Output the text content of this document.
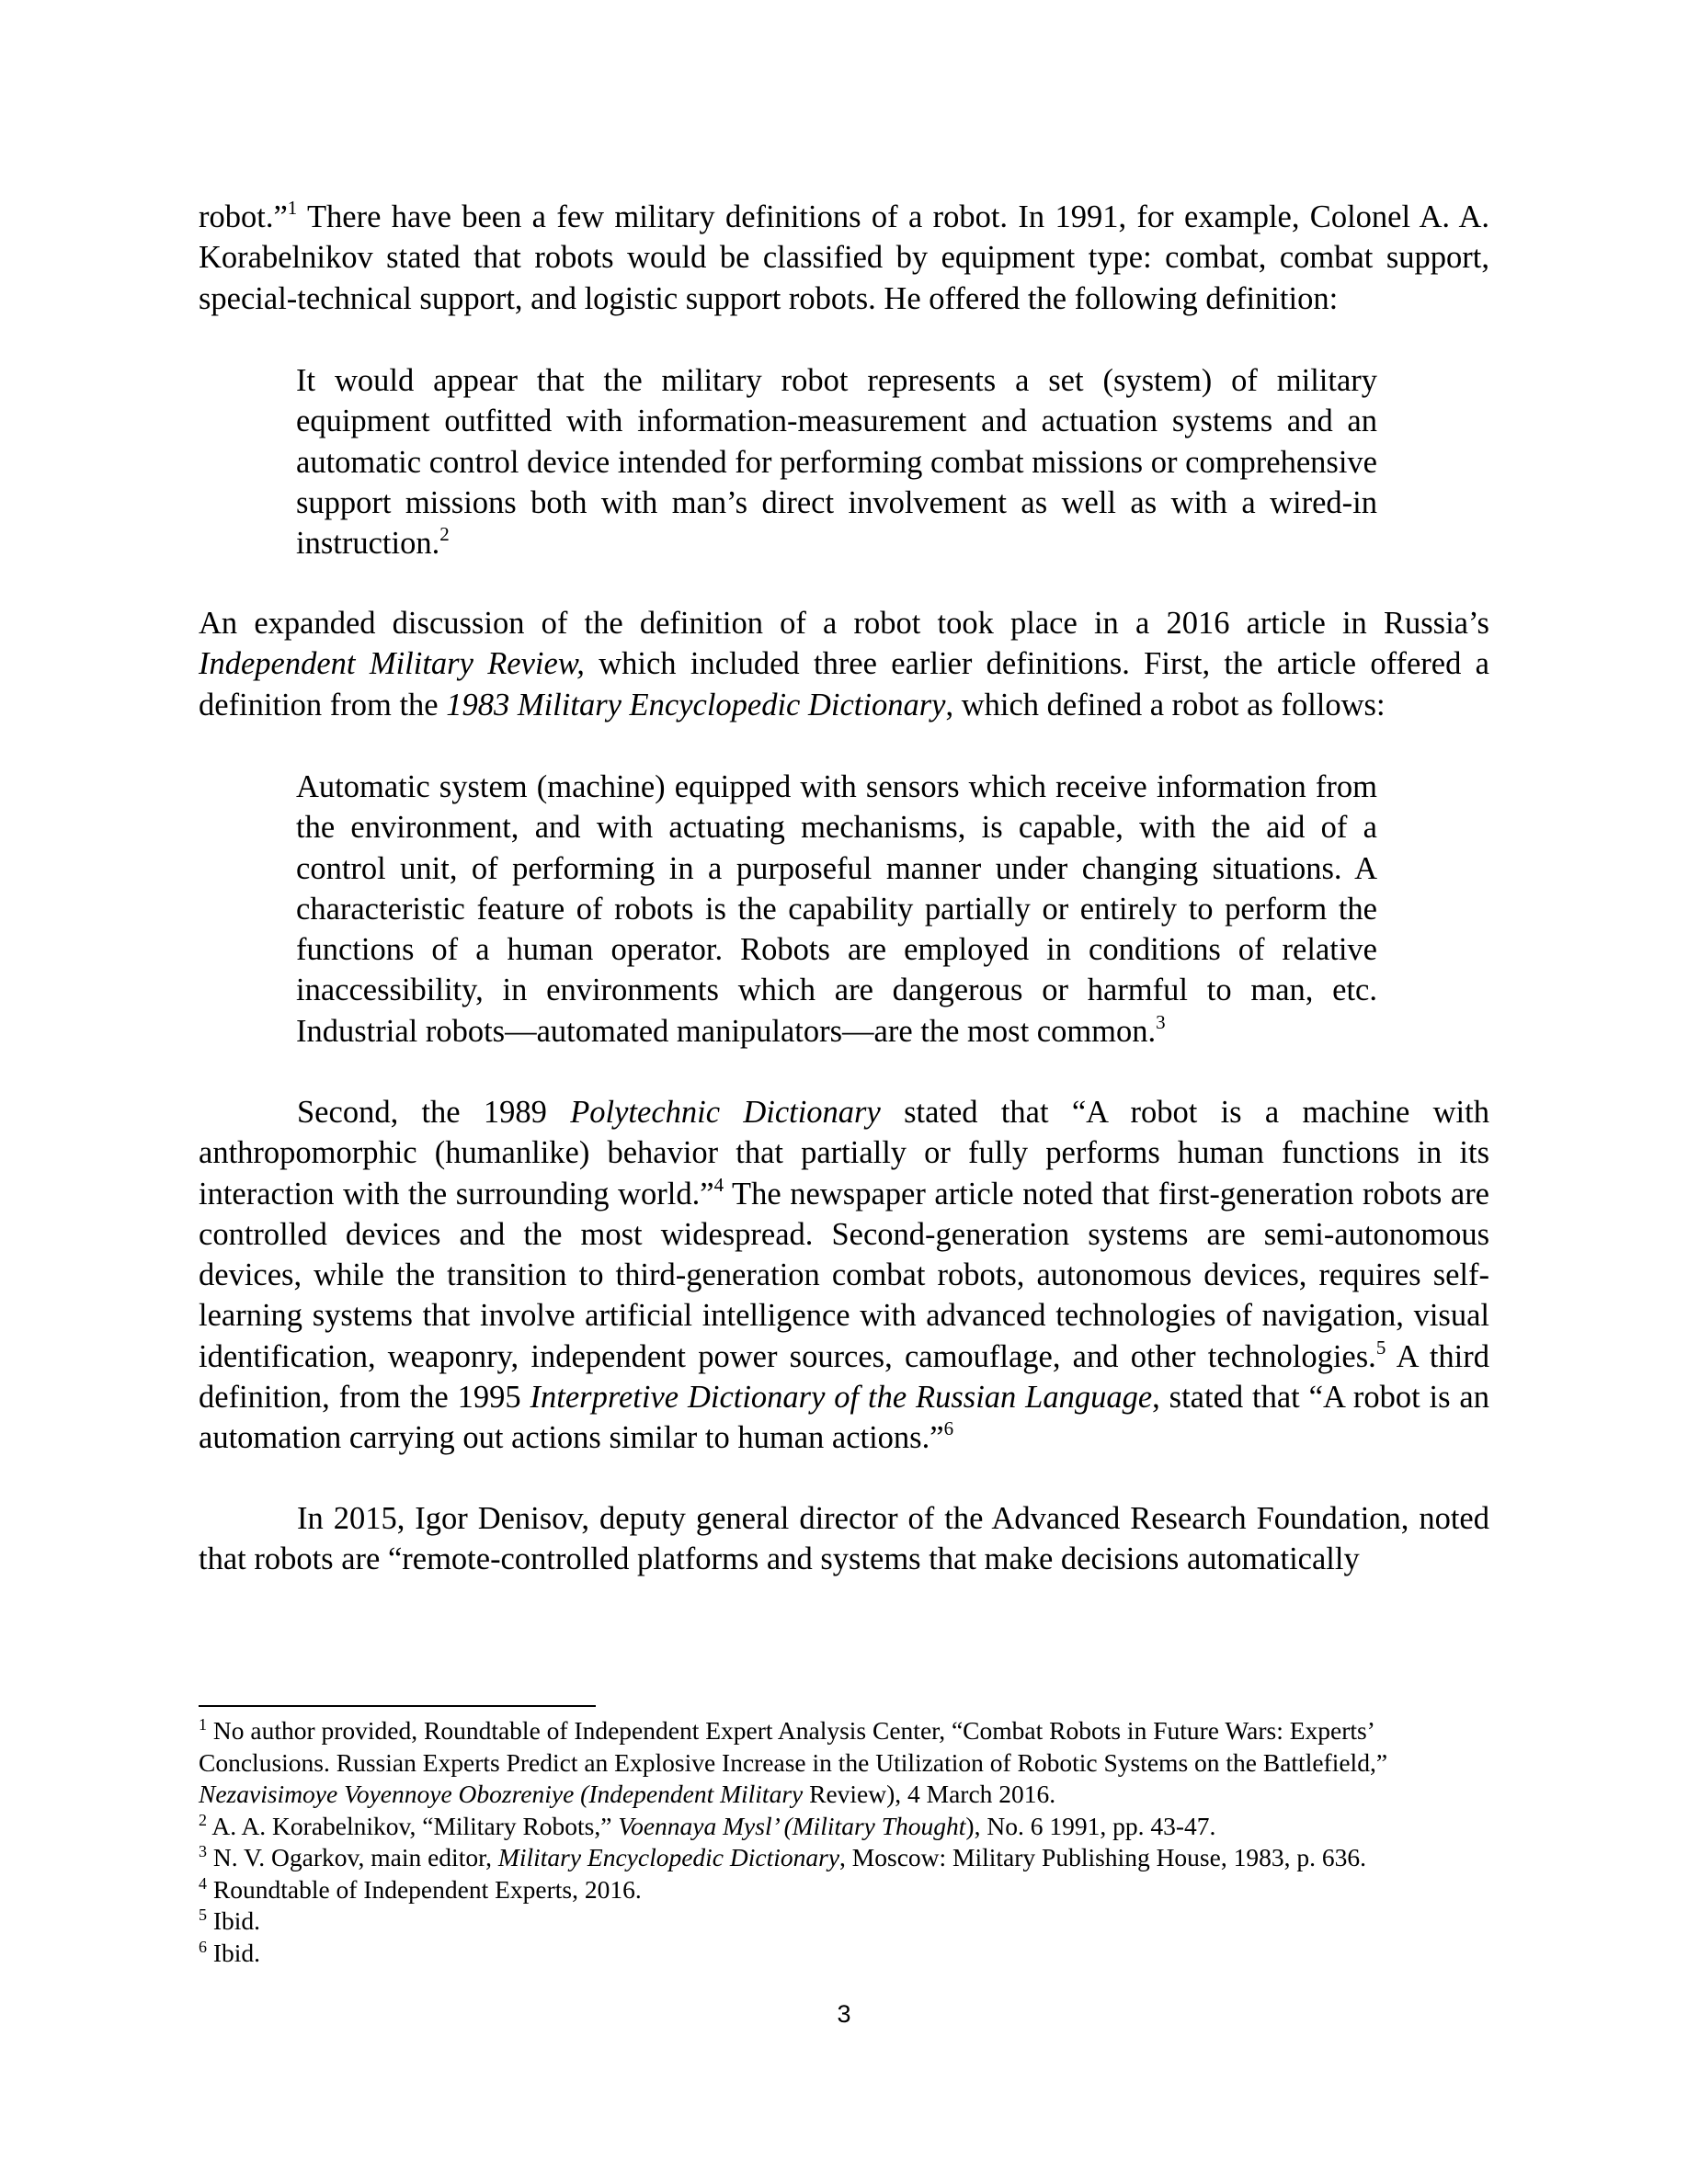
robot.”$^1$ There have been a few military definitions of a robot. In 1991, for example, Colonel A. A. Korabelnikov stated that robots would be classified by equipment type: combat, combat support, special-technical support, and logistic support robots. He offered the following definition:

It would appear that the military robot represents a set (system) of military equipment outfitted with information-measurement and actuation systems and an automatic control device intended for performing combat missions or comprehensive support missions both with man’s direct involvement as well as with a wired-in instruction.$^2$

An expanded discussion of the definition of a robot took place in a 2016 article in Russia’s Independent Military Review, which included three earlier definitions. First, the article offered a definition from the 1983 Military Encyclopedic Dictionary, which defined a robot as follows:

Automatic system (machine) equipped with sensors which receive information from the environment, and with actuating mechanisms, is capable, with the aid of a control unit, of performing in a purposeful manner under changing situations. A characteristic feature of robots is the capability partially or entirely to perform the functions of a human operator. Robots are employed in conditions of relative inaccessibility, in environments which are dangerous or harmful to man, etc. Industrial robots—automated manipulators—are the most common.$^3$

Second, the 1989 Polytechnic Dictionary stated that “A robot is a machine with anthropomorphic (humanlike) behavior that partially or fully performs human functions in its interaction with the surrounding world.”$^4$ The newspaper article noted that first-generation robots are controlled devices and the most widespread. Second-generation systems are semi-autonomous devices, while the transition to third-generation combat robots, autonomous devices, requires self-learning systems that involve artificial intelligence with advanced technologies of navigation, visual identification, weaponry, independent power sources, camouflage, and other technologies.$^5$ A third definition, from the 1995 Interpretive Dictionary of the Russian Language, stated that “A robot is an automation carrying out actions similar to human actions.”$^6$

In 2015, Igor Denisov, deputy general director of the Advanced Research Foundation, noted that robots are “remote-controlled platforms and systems that make decisions automatically

$^1$ No author provided, Roundtable of Independent Expert Analysis Center, “Combat Robots in Future Wars: Experts’ Conclusions. Russian Experts Predict an Explosive Increase in the Utilization of Robotic Systems on the Battlefield,” Nezavisimoye Voyennoye Obozreniye (Independent Military Review), 4 March 2016.

$^2$ A. A. Korabelnikov, “Military Robots,” Voennaya Mysl’ (Military Thought), No. 6 1991, pp. 43-47.

$^3$ N. V. Ogarkov, main editor, Military Encyclopedic Dictionary, Moscow: Military Publishing House, 1983, p. 636.

$^4$ Roundtable of Independent Experts, 2016.

$^5$ Ibid.

$^6$ Ibid.

3
